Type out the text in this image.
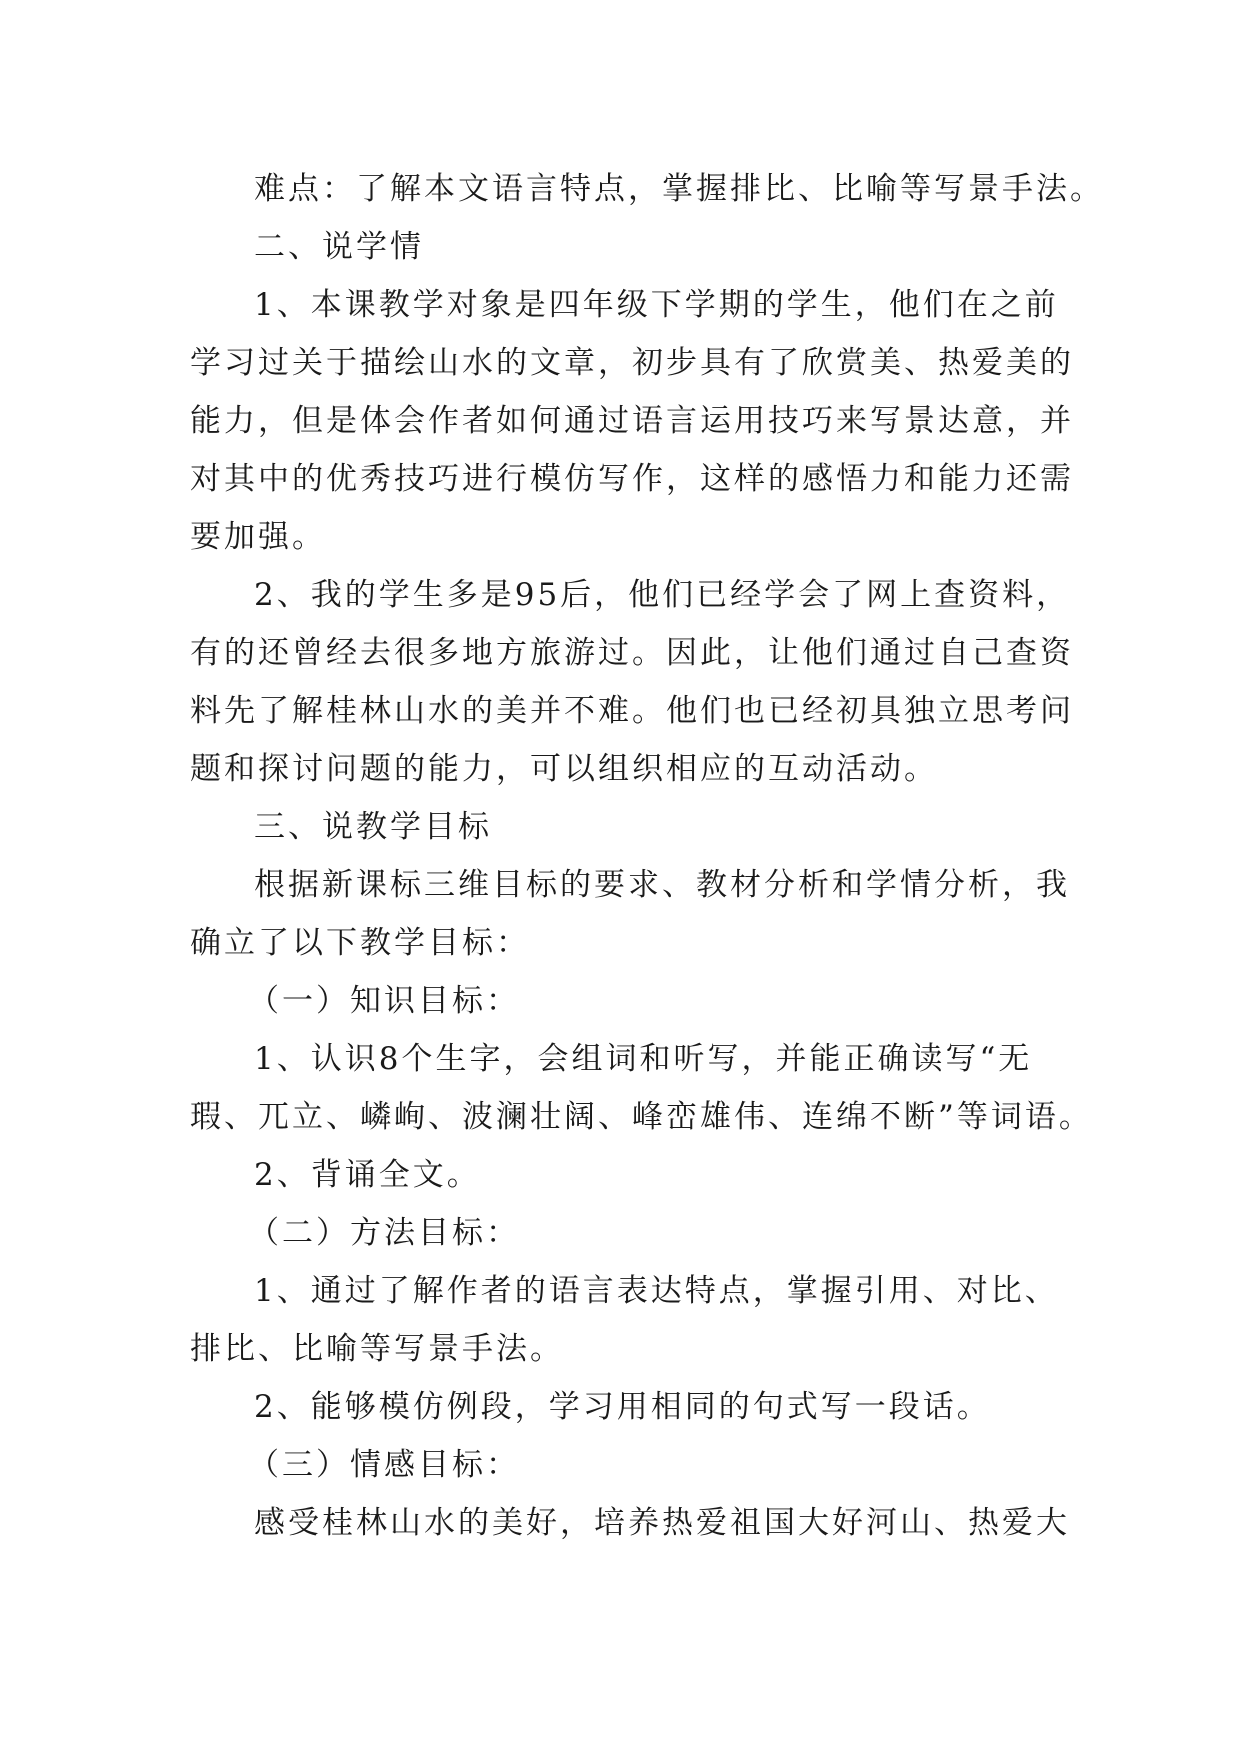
难点：了解本文语言特点，掌握排比、比喻等写景手法。
二、说学情
1、本课教学对象是四年级下学期的学生，他们在之前
学习过关于描绘山水的文章，初步具有了欣赏美、热爱美的
能力，但是体会作者如何通过语言运用技巧来写景达意，并
对其中的优秀技巧进行模仿写作，这样的感悟力和能力还需
要加强。
2、我的学生多是95后，他们已经学会了网上查资料，
有的还曾经去很多地方旅游过。因此，让他们通过自己查资
料先了解桂林山水的美并不难。他们也已经初具独立思考问
题和探讨问题的能力，可以组织相应的互动活动。
三、说教学目标
根据新课标三维目标的要求、教材分析和学情分析，我
确立了以下教学目标：
（一）知识目标：
1、认识8个生字，会组词和听写，并能正确读写“无
瑕、兀立、嶙峋、波澜壮阔、峰峦雄伟、连绵不断”等词语。
2、背诵全文。
（二）方法目标：
1、通过了解作者的语言表达特点，掌握引用、对比、
排比、比喻等写景手法。
2、能够模仿例段，学习用相同的句式写一段话。
（三）情感目标：
感受桂林山水的美好，培养热爱祖国大好河山、热爱大
